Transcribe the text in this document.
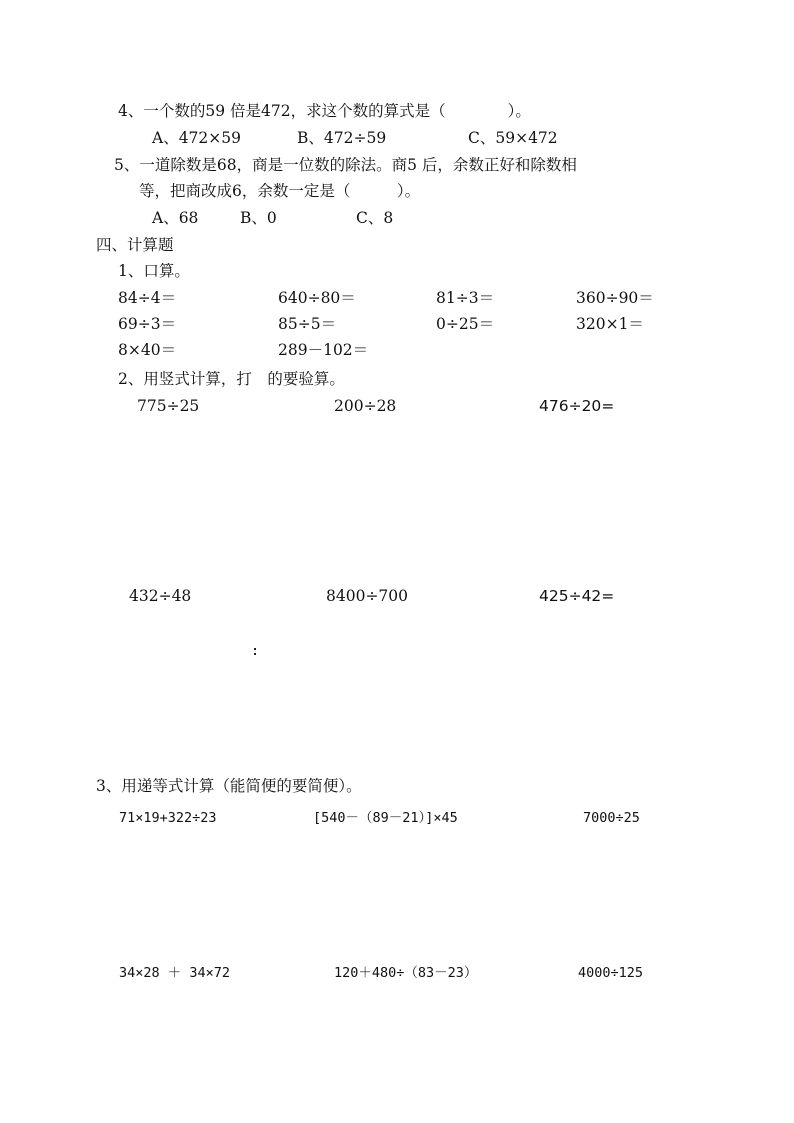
4、一个数的59 倍是472，求这个数的算式是（　　　　）。
A、472×59	B、472÷59	C、59×472
5、一道除数是68，商是一位数的除法。商5 后，余数正好和除数相
等，把商改成6，余数一定是（　　　）。
A、68	B、0	C、8
四、计算题
1、口算。
84÷4＝	640÷80＝	81÷3＝	360÷90＝
69÷3＝	85÷5＝	0÷25＝	320×1＝
8×40＝	289－102＝
2、用竖式计算，打　的要验算。
775÷25	200÷28	476÷20=
432÷48	8400÷700	425÷42=
3、用递等式计算（能简便的要简便）。
71×19+322÷23	[540－（89－21）]×45	7000÷25
34×28 ＋ 34×72	120＋480÷（83－23）	4000÷125
